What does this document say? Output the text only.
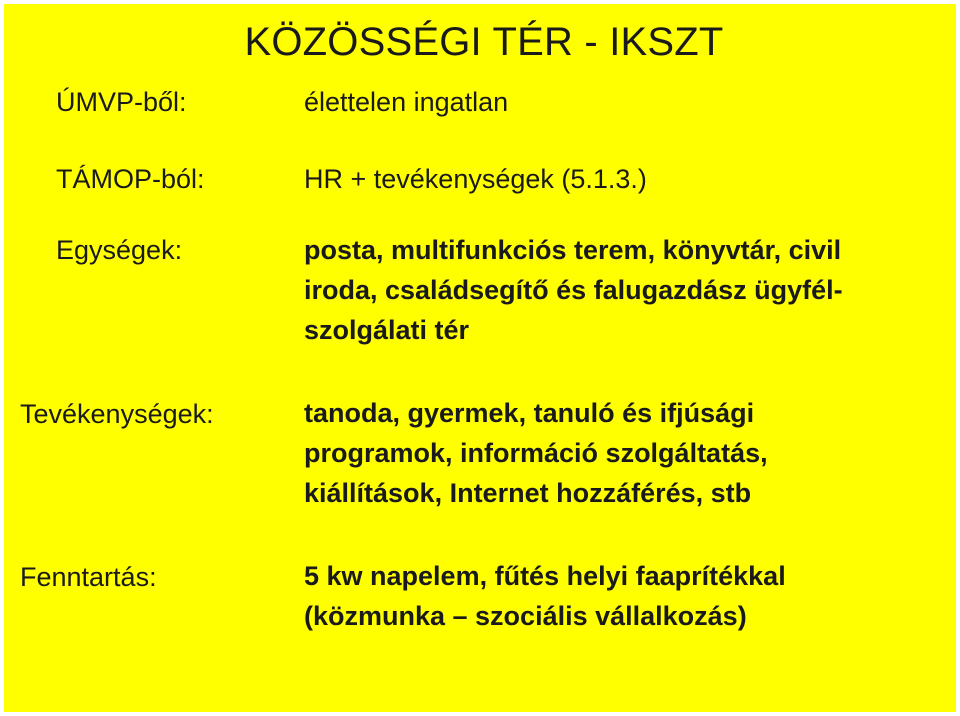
KÖZÖSSÉGI TÉR - IKSZT
ÚMVP-ből:	élettelen ingatlan
TÁMOP-ból:	HR + tevékenységek (5.1.3.)
Egységek:	posta, multifunkciós terem, könyvtár, civil
iroda, családsegítő és falugazdász ügyfél-
szolgálati tér
Tevékenységek:	tanoda, gyermek, tanuló és ifjúsági
programok, információ szolgáltatás,
kiállítások, Internet hozzáférés, stb
Fenntartás:	5 kw napelem, fűtés helyi faaprítékkal
(közmunka – szociális vállalkozás)
